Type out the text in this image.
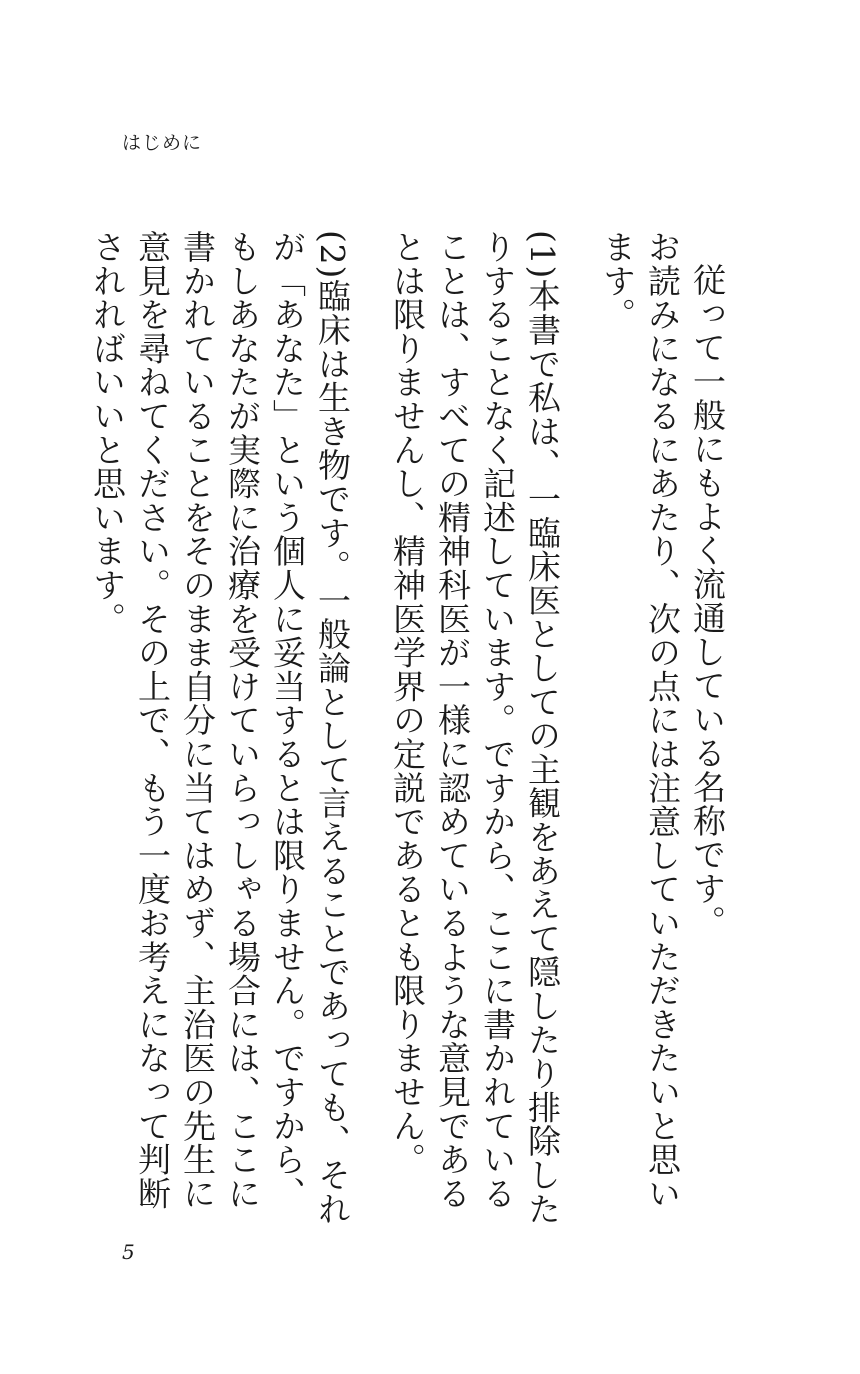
はじめに

従って一般にもよく流通している名称です。

お読みになるにあたり、次の点には注意していただきたいと思います。

(1)本書で私は、一臨床医としての主観をあえて隠したり排除したりすることなく記述しています。ですから、ここに書かれていることは、すべての精神科医が一様に認めているような意見であるとは限りませんし、精神医学界の定説であるとも限りません。

(2)臨床は生き物です。一般論として言えることであっても、それが「あなた」という個人に妥当するとは限りません。ですから、もしあなたが実際に治療を受けていらっしゃる場合には、ここに書かれていることをそのまま自分に当てはめず、主治医の先生に意見を尋ねてください。その上で、もう一度お考えになって判断されればいいと思います。

5
